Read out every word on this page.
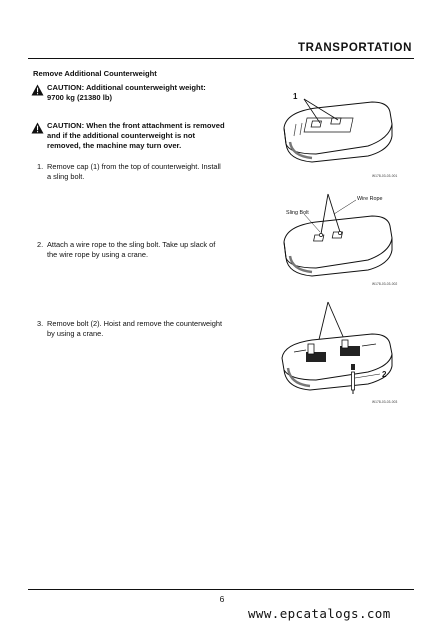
TRANSPORTATION
Remove Additional Counterweight
CAUTION: Additional counterweight weight:
9700 kg (21380 lb)
CAUTION: When the front attachment is removed
and if the additional counterweight is not
removed, the machine may turn over.
1. Remove cap (1) from the top of counterweight. Install
a sling bolt.
2. Attach a wire rope to the sling bolt. Take up slack of
the wire rope by using a crane.
3. Remove bolt (2). Hoist and remove the counterweight
by using a crane.
1
W178-03-03-001
Wire Rope
Sling Bolt
W178-03-03-002
2
W178-03-03-003
6
www.epcatalogs.com
